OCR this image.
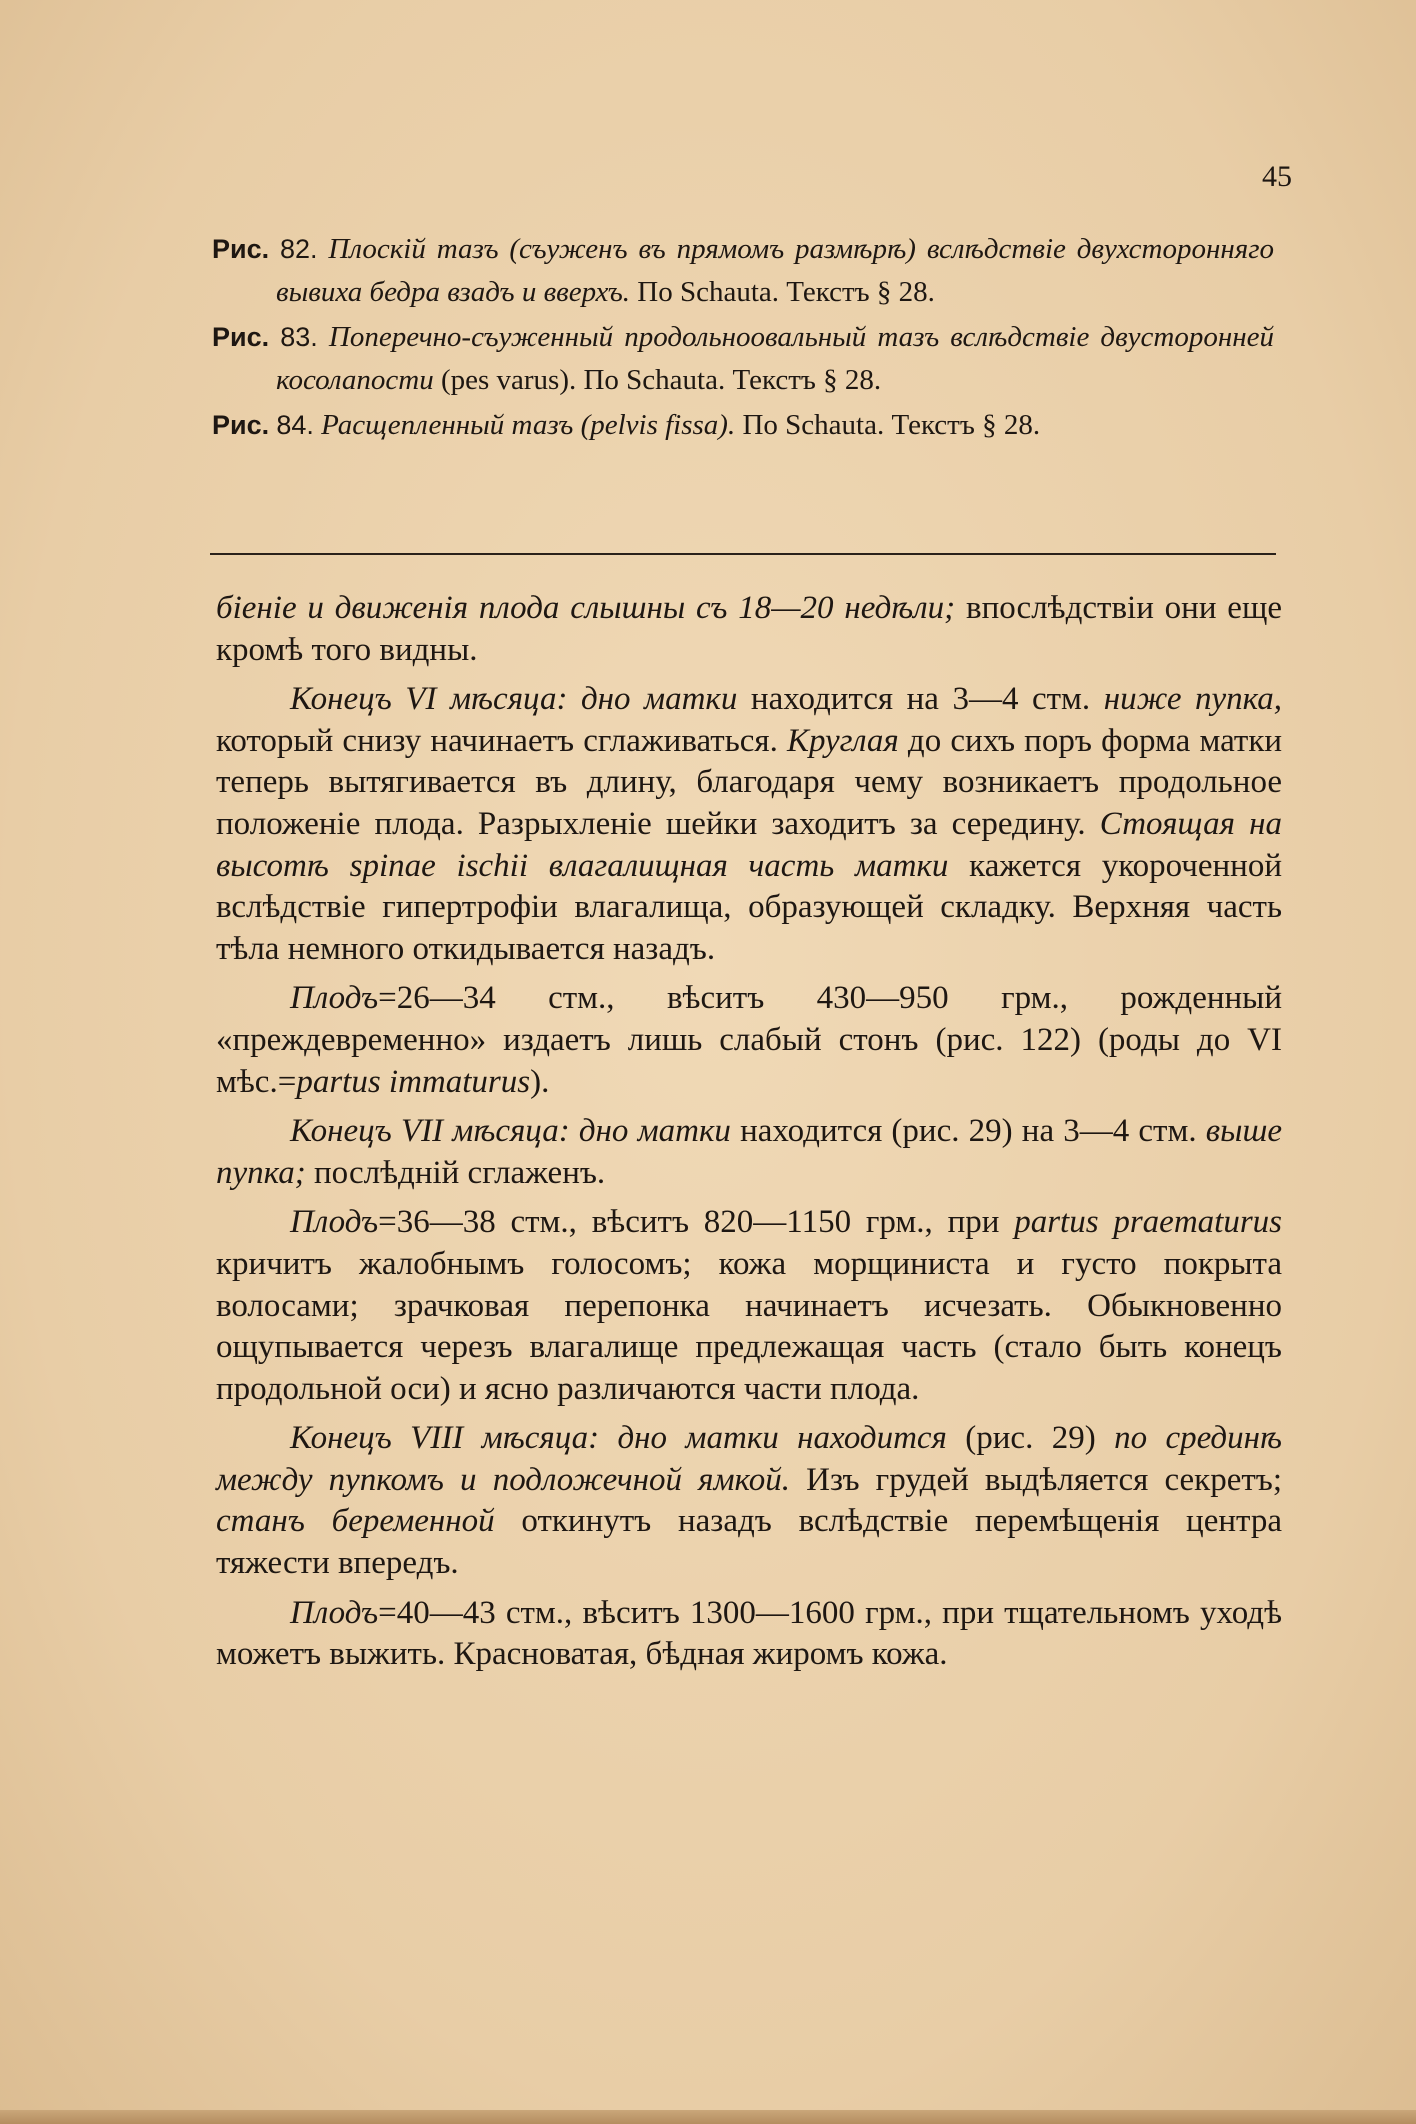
45

Рис. 82. Плоскій тазъ (съуженъ въ прямомъ размѣрѣ) вслѣдствіе двухсторонняго вывиха бедра взадъ и вверхъ. По Schauta. Текстъ § 28.

Рис. 83. Поперечно-съуженный продольноовальный тазъ вслѣдствіе двусторонней косолапости (pes varus). По Schauta. Текстъ § 28.

Рис. 84. Расщепленный тазъ (pelvis fissa). По Schauta. Текстъ § 28.

біеніе и движенія плода слышны съ 18—20 недѣли; впослѣдствіи они еще кромѣ того видны.

Конецъ VI мѣсяца: дно матки находится на 3—4 стм. ниже пупка, который снизу начинаетъ сглаживаться. Круглая до сихъ поръ форма матки теперь вытягивается въ длину, благодаря чему возникаетъ продольное положеніе плода. Разрыхленіе шейки заходитъ за середину. Стоящая на высотѣ spinae ischii влагалищная часть матки кажется укороченной вслѣдствіе гипертрофіи влагалища, образующей складку. Верхняя часть тѣла немного откидывается назадъ.

Плодъ=26—34 стм., вѣситъ 430—950 грм., рожденный «преждевременно» издаетъ лишь слабый стонъ (рис. 122) (роды до VI мѣс.=partus immaturus).

Конецъ VII мѣсяца: дно матки находится (рис. 29) на 3—4 стм. выше пупка; послѣдній сглаженъ.

Плодъ=36—38 стм., вѣситъ 820—1150 грм., при partus praematurus кричитъ жалобнымъ голосомъ; кожа морщиниста и густо покрыта волосами; зрачковая перепонка начинаетъ исчезать. Обыкновенно ощупывается черезъ влагалище предлежащая часть (стало быть конецъ продольной оси) и ясно различаются части плода.

Конецъ VIII мѣсяца: дно матки находится (рис. 29) по срединѣ между пупкомъ и подложечной ямкой. Изъ грудей выдѣляется секретъ; станъ беременной откинутъ назадъ вслѣдствіе перемѣщенія центра тяжести впередъ.

Плодъ=40—43 стм., вѣситъ 1300—1600 грм., при тщательномъ уходѣ можетъ выжить. Красноватая, бѣдная жиромъ кожа.
